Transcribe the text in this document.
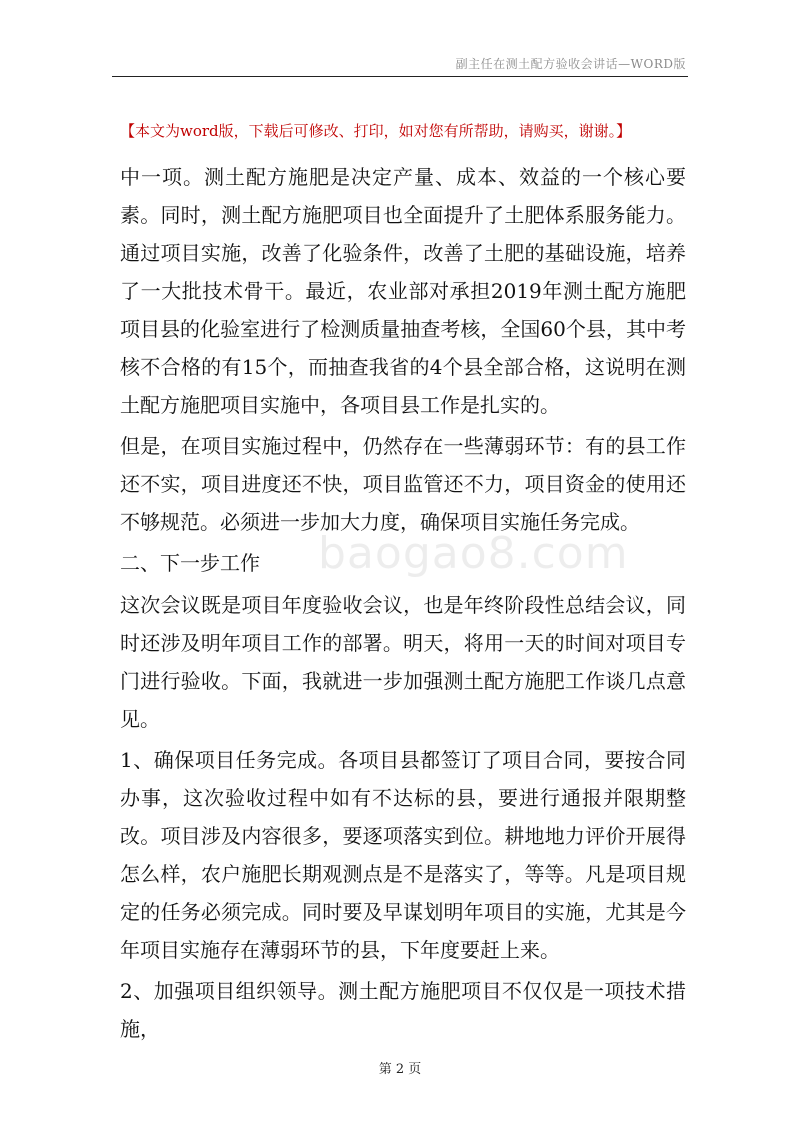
副主任在测土配方验收会讲话—WORD版
【本文为word版，下载后可修改、打印，如对您有所帮助，请购买，谢谢。】
baogao8.com

中一项。测土配方施肥是决定产量、成本、效益的一个核心要素。同时，测土配方施肥项目也全面提升了土肥体系服务能力。通过项目实施，改善了化验条件，改善了土肥的基础设施，培养了一大批技术骨干。最近，农业部对承担2019年测土配方施肥项目县的化验室进行了检测质量抽查考核，全国60个县，其中考核不合格的有15个，而抽查我省的4个县全部合格，这说明在测土配方施肥项目实施中，各项目县工作是扎实的。

但是，在项目实施过程中，仍然存在一些薄弱环节：有的县工作还不实，项目进度还不快，项目监管还不力，项目资金的使用还不够规范。必须进一步加大力度，确保项目实施任务完成。

二、下一步工作

这次会议既是项目年度验收会议，也是年终阶段性总结会议，同时还涉及明年项目工作的部署。明天，将用一天的时间对项目专门进行验收。下面，我就进一步加强测土配方施肥工作谈几点意见。

1、确保项目任务完成。各项目县都签订了项目合同，要按合同办事，这次验收过程中如有不达标的县，要进行通报并限期整改。项目涉及内容很多，要逐项落实到位。耕地地力评价开展得怎么样，农户施肥长期观测点是不是落实了，等等。凡是项目规定的任务必须完成。同时要及早谋划明年项目的实施，尤其是今年项目实施存在薄弱环节的县，下年度要赶上来。

2、加强项目组织领导。测土配方施肥项目不仅仅是一项技术措施，

第 2 页
